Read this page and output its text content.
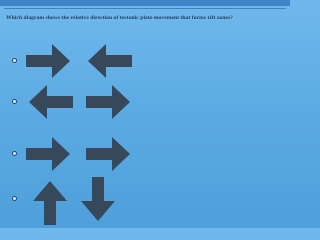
Which diagram shows the relative direction of tectonic plate movement that forms rift zones?
